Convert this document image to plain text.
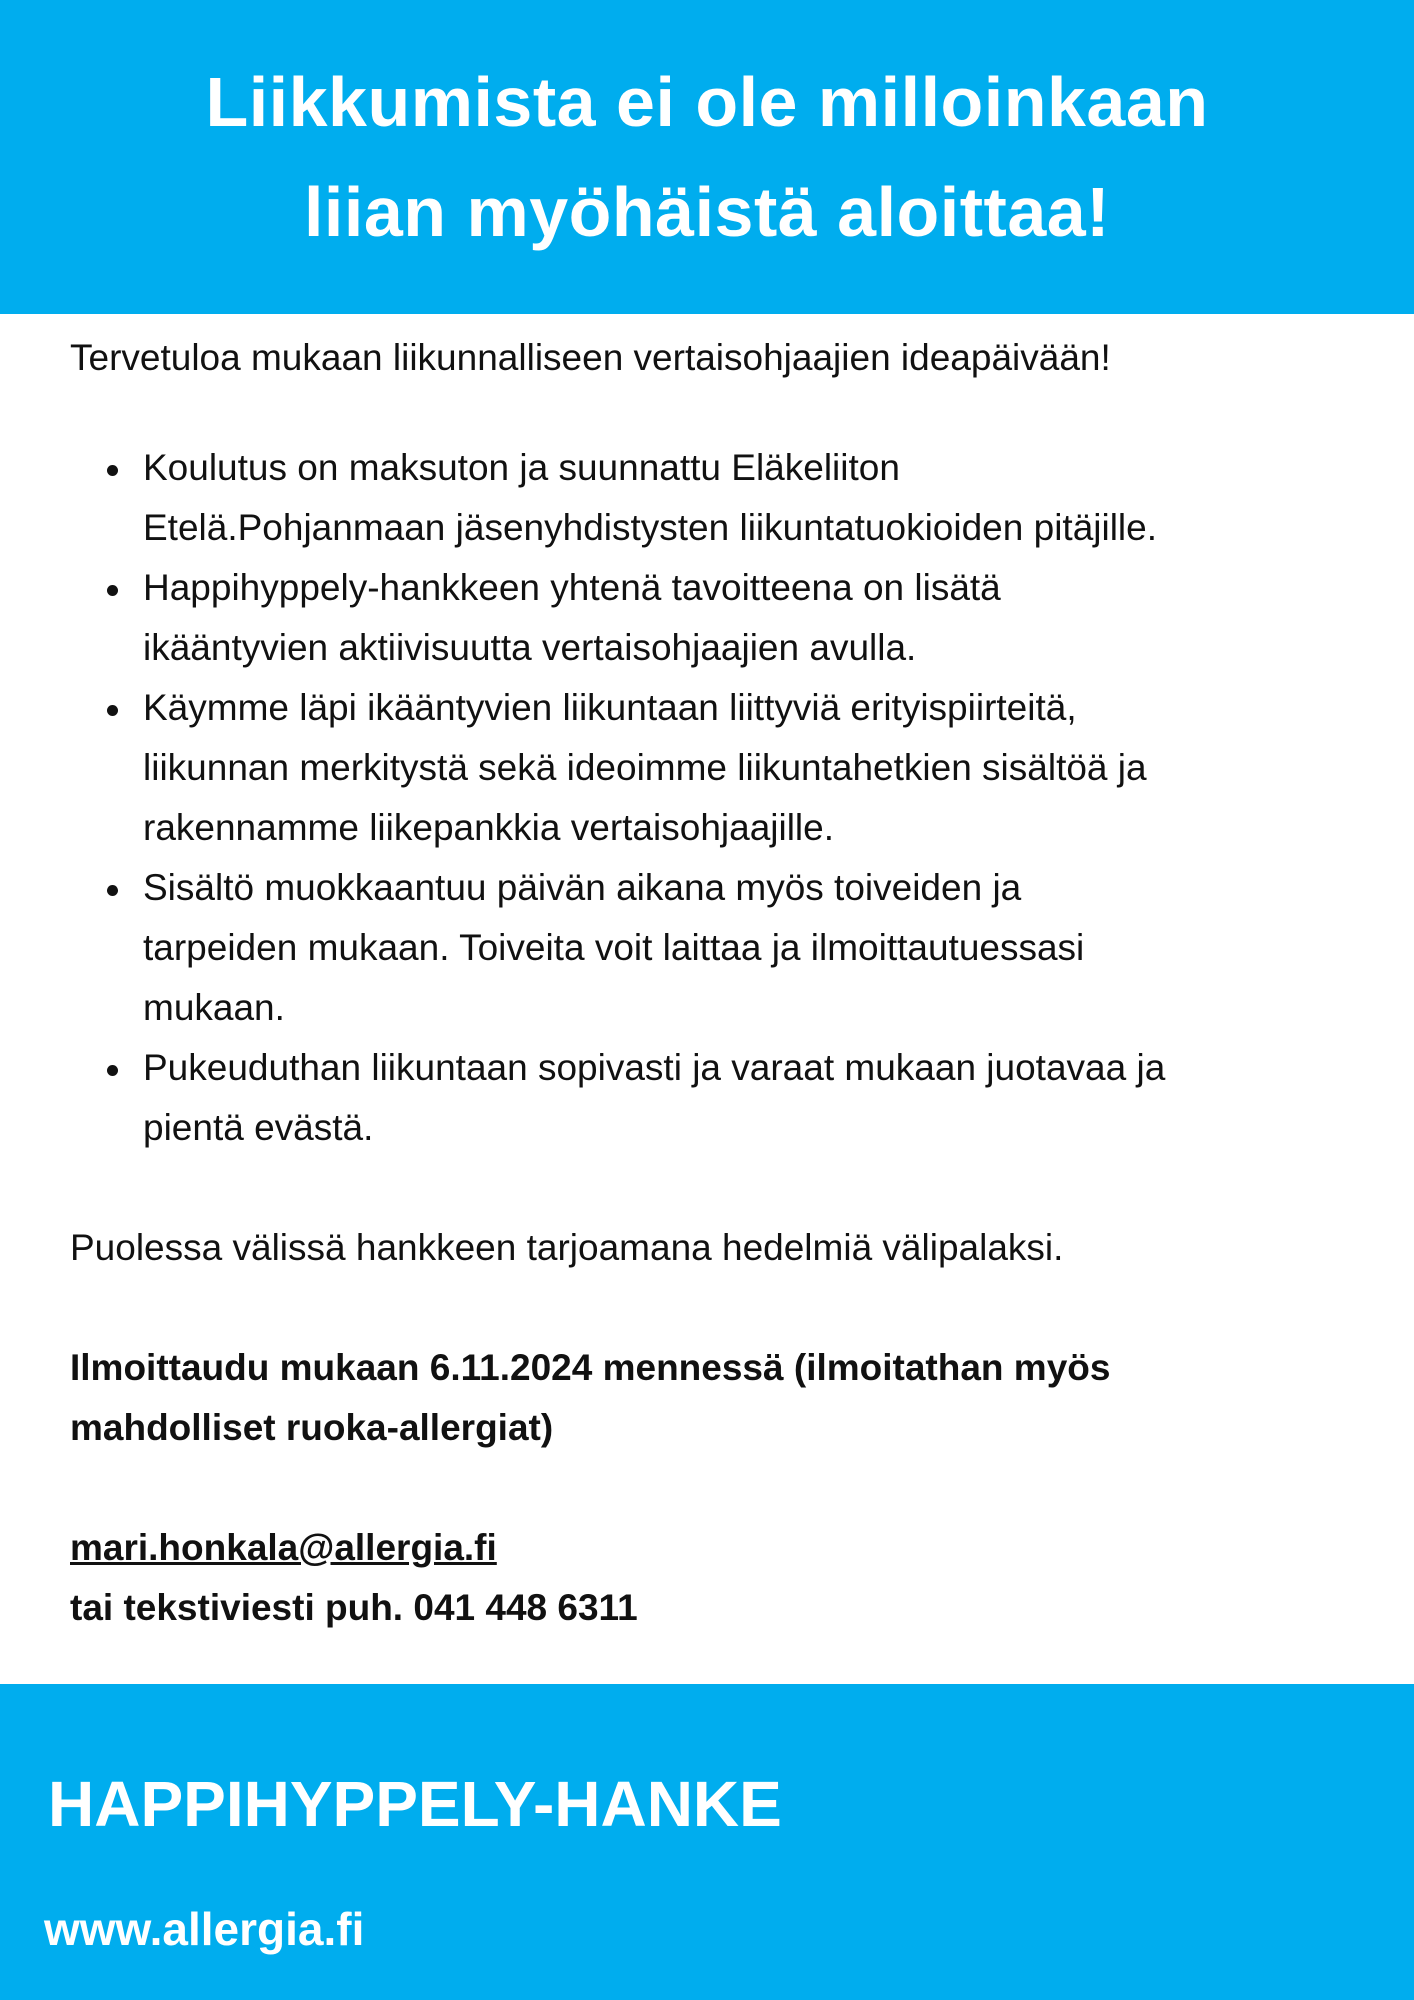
Liikkumista ei ole milloinkaan
liian myöhäistä aloittaa!

Tervetuloa mukaan liikunnalliseen vertaisohjaajien ideapäivään!

Koulutus on maksuton ja suunnattu Eläkeliiton
Etelä.Pohjanmaan jäsenyhdistysten liikuntatuokioiden pitäjille.
Happihyppely-hankkeen yhtenä tavoitteena on lisätä
ikääntyvien aktiivisuutta vertaisohjaajien avulla.
Käymme läpi ikääntyvien liikuntaan liittyviä erityispiirteitä,
liikunnan merkitystä sekä ideoimme liikuntahetkien sisältöä ja
rakennamme liikepankkia vertaisohjaajille.
Sisältö muokkaantuu päivän aikana myös toiveiden ja
tarpeiden mukaan. Toiveita voit laittaa ja ilmoittautuessasi
mukaan.
Pukeuduthan liikuntaan sopivasti ja varaat mukaan juotavaa ja
pientä evästä.

Puolessa välissä hankkeen tarjoamana hedelmiä välipalaksi.

Ilmoittaudu mukaan 6.11.2024 mennessä (ilmoitathan myös
mahdolliset ruoka-allergiat)
mari.honkala@allergia.fi
tai tekstiviesti puh. 041 448 6311
HAPPIHYPPELY-HANKE
www.allergia.fi
